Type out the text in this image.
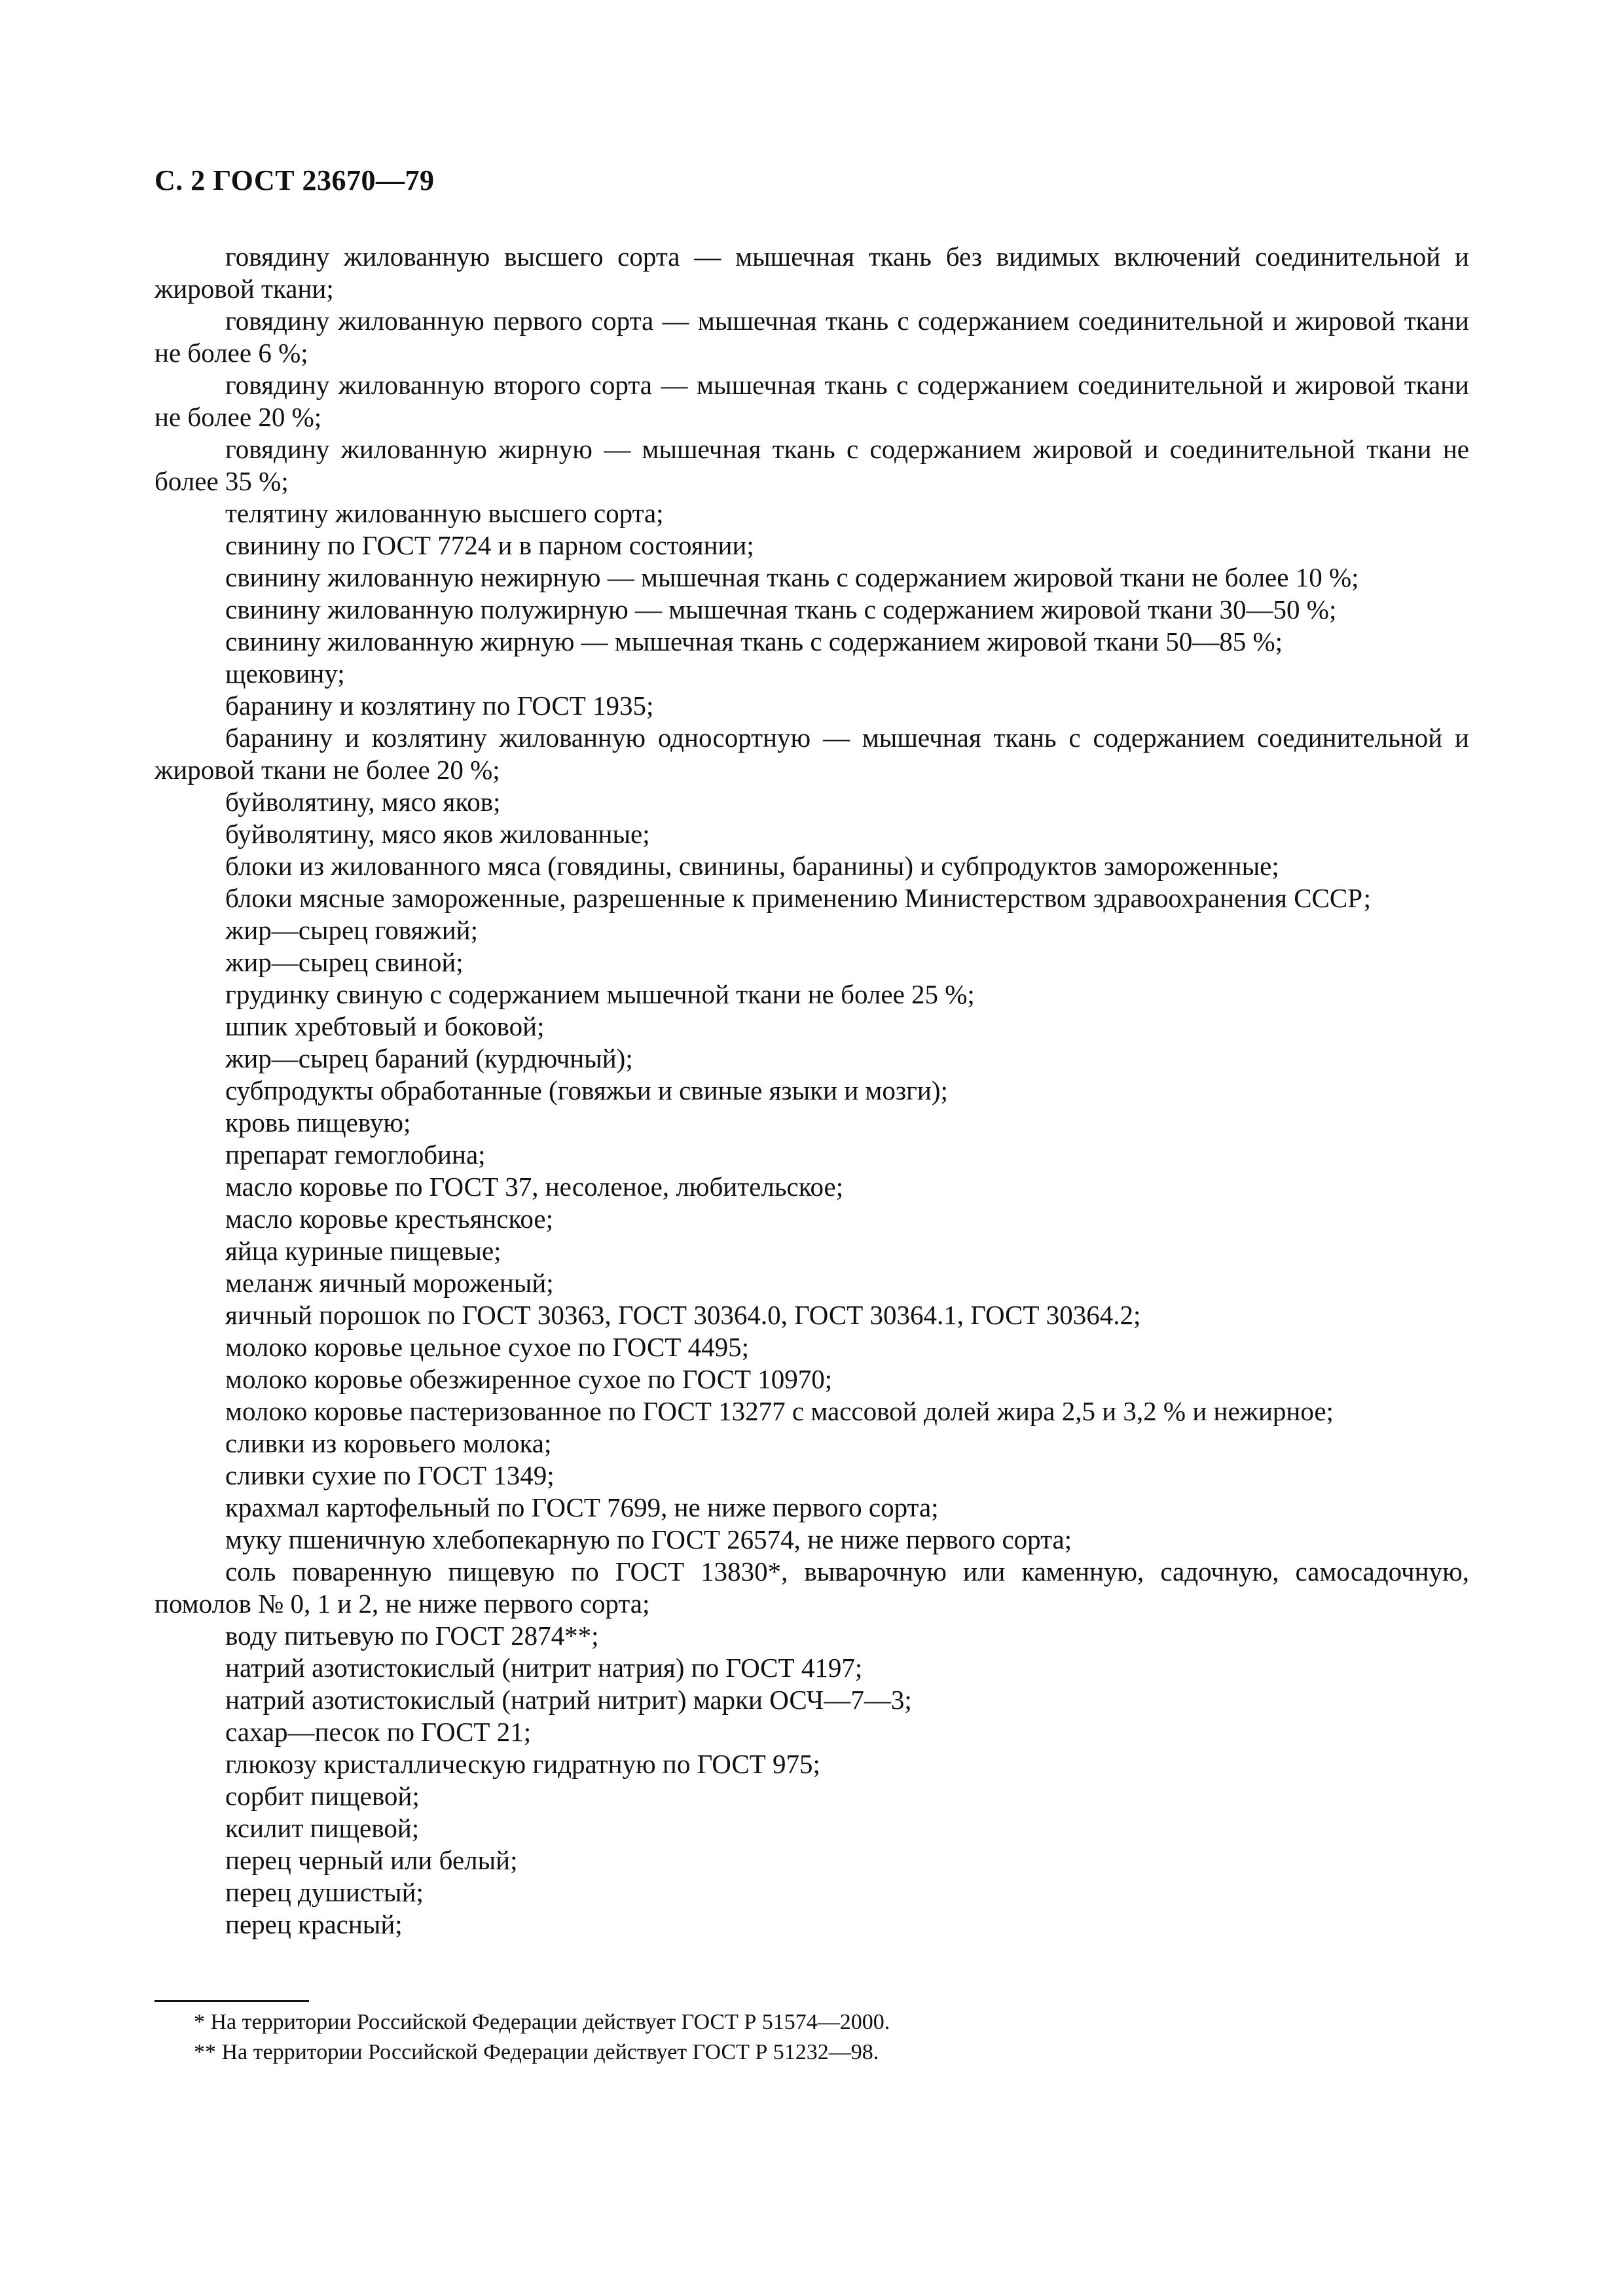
С. 2 ГОСТ 23670—79

говядину жилованную высшего сорта — мышечная ткань без видимых включений соединительной и жировой ткани;

говядину жилованную первого сорта — мышечная ткань с содержанием соединительной и жировой ткани не более 6 %;

говядину жилованную второго сорта — мышечная ткань с содержанием соединительной и жировой ткани не более 20 %;

говядину жилованную жирную — мышечная ткань с содержанием жировой и соединительной ткани не более 35 %;

телятину жилованную высшего сорта;

свинину по ГОСТ 7724 и в парном состоянии;

свинину жилованную нежирную — мышечная ткань с содержанием жировой ткани не более 10 %;

свинину жилованную полужирную — мышечная ткань с содержанием жировой ткани 30—50 %;

свинину жилованную жирную — мышечная ткань с содержанием жировой ткани 50—85 %;

щековину;

баранину и козлятину по ГОСТ 1935;

баранину и козлятину жилованную односортную — мышечная ткань с содержанием соединительной и жировой ткани не более 20 %;

буйволятину, мясо яков;

буйволятину, мясо яков жилованные;

блоки из жилованного мяса (говядины, свинины, баранины) и субпродуктов замороженные;

блоки мясные замороженные, разрешенные к применению Министерством здравоохранения СССР;

жир—сырец говяжий;

жир—сырец свиной;

грудинку свиную с содержанием мышечной ткани не более 25 %;

шпик хребтовый и боковой;

жир—сырец бараний (курдючный);

субпродукты обработанные (говяжьи и свиные языки и мозги);

кровь пищевую;

препарат гемоглобина;

масло коровье по ГОСТ 37, несоленое, любительское;

масло коровье крестьянское;

яйца куриные пищевые;

меланж яичный мороженый;

яичный порошок по ГОСТ 30363, ГОСТ 30364.0, ГОСТ 30364.1, ГОСТ 30364.2;

молоко коровье цельное сухое по ГОСТ 4495;

молоко коровье обезжиренное сухое по ГОСТ 10970;

молоко коровье пастеризованное по ГОСТ 13277 с массовой долей жира 2,5 и 3,2 % и нежирное;

сливки из коровьего молока;

сливки сухие по ГОСТ 1349;

крахмал картофельный по ГОСТ 7699, не ниже первого сорта;

муку пшеничную хлебопекарную по ГОСТ 26574, не ниже первого сорта;

соль поваренную пищевую по ГОСТ 13830*, выварочную или каменную, садочную, самосадочную, помолов № 0, 1 и 2, не ниже первого сорта;

воду питьевую по ГОСТ 2874**;

натрий азотистокислый (нитрит натрия) по ГОСТ 4197;

натрий азотистокислый (натрий нитрит) марки ОСЧ—7—3;

сахар—песок по ГОСТ 21;

глюкозу кристаллическую гидратную по ГОСТ 975;

сорбит пищевой;

ксилит пищевой;

перец черный или белый;

перец душистый;

перец красный;

* На территории Российской Федерации действует ГОСТ Р 51574—2000.

** На территории Российской Федерации действует ГОСТ Р 51232—98.
